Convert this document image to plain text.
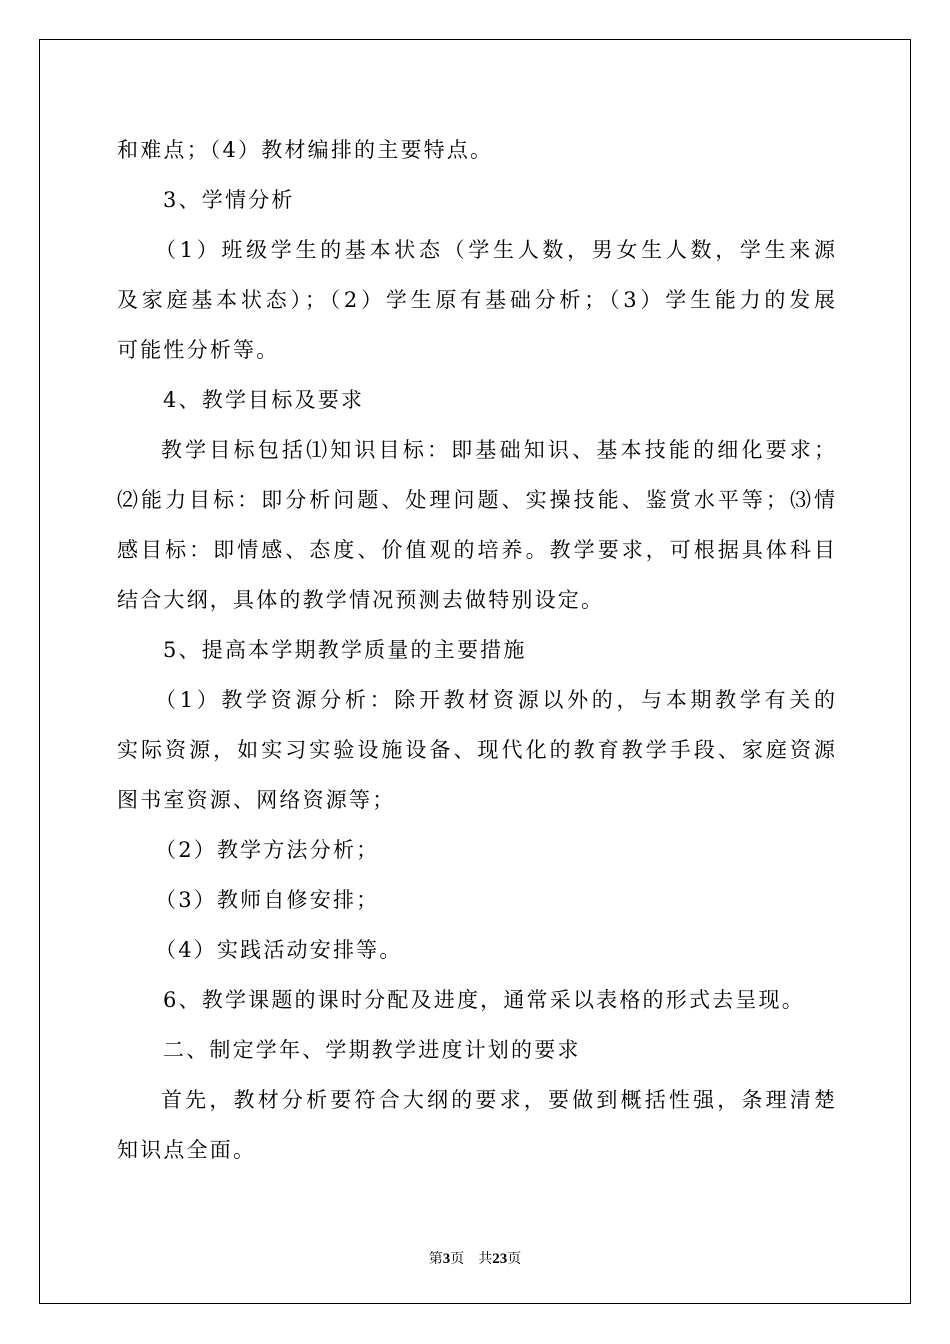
和难点；（4）教材编排的主要特点。
3、学情分析
（1）班级学生的基本状态（学生人数，男女生人数，学生来源
及家庭基本状态）；（2）学生原有基础分析；（3）学生能力的发展
可能性分析等。
4、教学目标及要求
教学目标包括⑴知识目标：即基础知识、基本技能的细化要求；
⑵能力目标：即分析问题、处理问题、实操技能、鉴赏水平等；⑶情
感目标：即情感、态度、价值观的培养。教学要求，可根据具体科目
结合大纲，具体的教学情况预测去做特别设定。
5、提高本学期教学质量的主要措施
（1）教学资源分析：除开教材资源以外的，与本期教学有关的
实际资源，如实习实验设施设备、现代化的教育教学手段、家庭资源
图书室资源、网络资源等；
（2）教学方法分析；
（3）教师自修安排；
（4）实践活动安排等。
6、教学课题的课时分配及进度，通常采以表格的形式去呈现。
二、制定学年、学期教学进度计划的要求
首先，教材分析要符合大纲的要求，要做到概括性强，条理清楚
知识点全面。
第3页　共23页
